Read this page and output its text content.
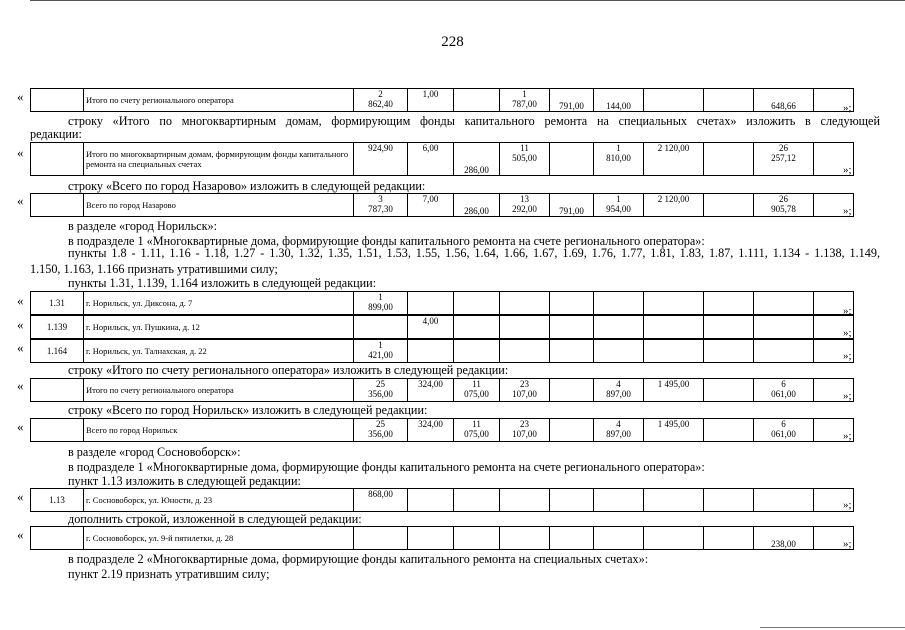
228
«
		Итого по счету регионального оператора	2
862,40	1,00		1
787,00	791,00	144,00			648,66		»;
строку «Итого по многоквартирным домам, формирующим фонды капитального ремонта на специальных счетах» изложить в следующей
редакции:
«
		Итого по многоквартирным домам, формирующим фонды капитального ремонта на специальных счетах	924,90	6,00	286,00	11
505,00		1
810,00	2 120,00		26
257,12	
»;
строку «Всего по город Назарово» изложить в следующей редакции:
«
		Всего по город Назарово	3
787,30	7,00	286,00	13
292,00	791,00	1
954,00	2 120,00		26
905,78		»;
в разделе «город Норильск»:
в подразделе 1 «Многоквартирные дома, формирующие фонды капитального ремонта на счете регионального оператора»:
пункты 1.8 - 1.11, 1.16 - 1.18, 1.27 - 1.30, 1.32, 1.35, 1.51, 1.53, 1.55, 1.56, 1.64, 1.66, 1.67, 1.69, 1.76, 1.77, 1.81, 1.83, 1.87, 1.111, 1.134 - 1.138, 1.149,
1.150, 1.163, 1.166 признать утратившими силу;
пункты 1.31, 1.139, 1.164 изложить в следующей редакции:
«	1.31	г. Норильск, ул. Диксона, д. 7	1
899,00										»;
«	1.139	г. Норильск, ул. Пушкина, д. 12		4,00								
»;
«	1.164	г. Норильск, ул. Талнахская, д. 22	1
421,00										»;
строку «Итого по счету регионального оператора» изложить в следующей редакции:
«
		Итого по счету регионального оператора	25
356,00	324,00	11
075,00	23
107,00		4
897,00	1 495,00		6
061,00		»;
строку «Всего по город Норильск» изложить в следующей редакции:
«
		Всего по город Норильск	25
356,00	324,00	11
075,00	23
107,00		4
897,00	1 495,00		6
061,00		»;
в разделе «город Сосновоборск»:
в подразделе 1 «Многоквартирные дома, формирующие фонды капитального ремонта на счете регионального оператора»:
пункт 1.13 изложить в следующей редакции:
«	1.13	г. Сосновоборск, ул. Юности, д. 23	868,00									
»;
дополнить строкой, изложенной в следующей редакции:
«
		г. Сосновоборск, ул. 9-й пятилетки, д. 28									238,00		»;
в подразделе 2 «Многоквартирные дома, формирующие фонды капитального ремонта на специальных счетах»:
пункт 2.19 признать утратившим силу;
